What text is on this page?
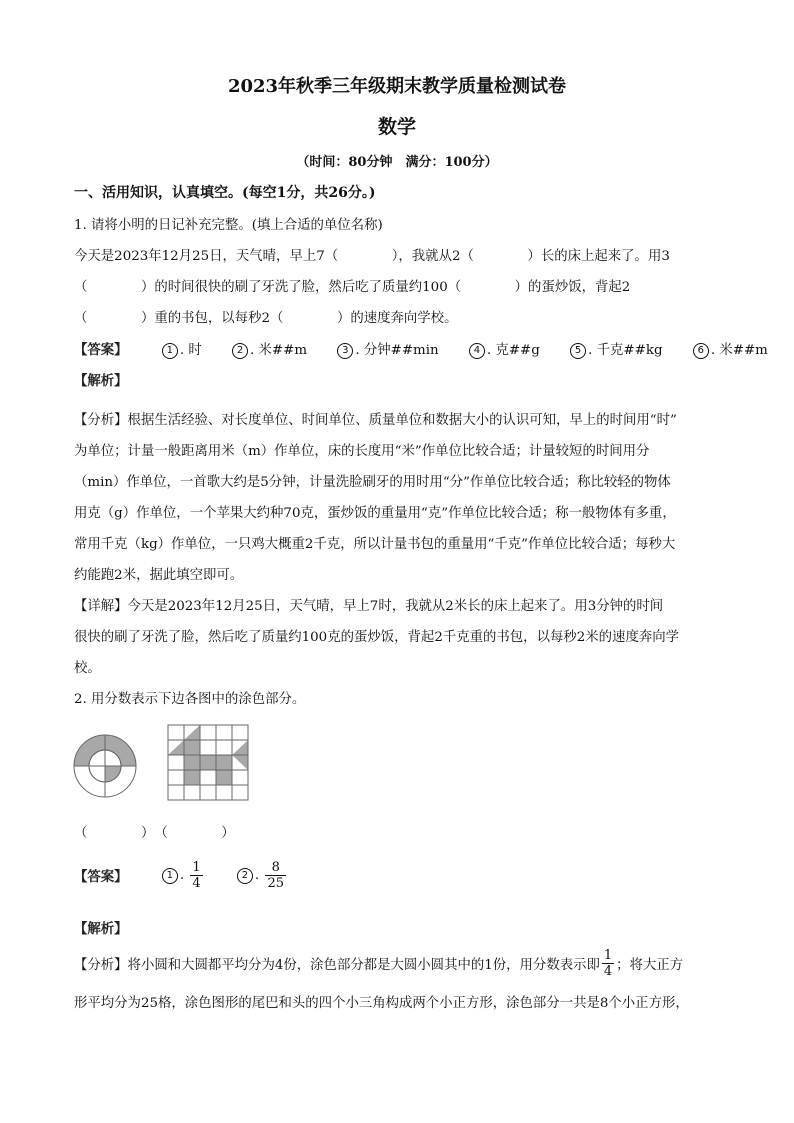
2023年秋季三年级期末教学质量检测试卷
数学
（时间：80分钟　满分：100分）
一、活用知识，认真填空。(每空1分，共26分。)
1. 请将小明的日记补充完整。(填上合适的单位名称)
今天是2023年12月25日，天气晴，早上7（　　　　），我就从2（　　　　）长的床上起来了。用3
（　　　　）的时间很快的刷了牙洗了脸，然后吃了质量约100（　　　　）的蛋炒饭，背起2
（　　　　）重的书包，以每秒2（　　　　）的速度奔向学校。
【答案】	1 . 时	2 . 米##m	3 . 分钟##min	4 . 克##g	5 . 千克##kg	6 . 米##m
【解析】
【分析】根据生活经验、对长度单位、时间单位、质量单位和数据大小的认识可知，早上的时间用“时”
为单位；计量一般距离用米（m）作单位，床的长度用“米”作单位比较合适；计量较短的时间用分
（min）作单位，一首歌大约是5分钟，计量洗脸刷牙的用时用“分”作单位比较合适；称比较轻的物体
用克（g）作单位，一个苹果大约种70克，蛋炒饭的重量用“克”作单位比较合适；称一般物体有多重，
常用千克（kg）作单位，一只鸡大概重2千克，所以计量书包的重量用“千克”作单位比较合适；每秒大
约能跑2米，据此填空即可。
【详解】今天是2023年12月25日，天气晴，早上7时，我就从2米长的床上起来了。用3分钟的时间
很快的刷了牙洗了脸，然后吃了质量约100克的蛋炒饭，背起2千克重的书包，以每秒2米的速度奔向学
校。
2. 用分数表示下边各图中的涂色部分。
（　　　　）　（　　　　）
【答案】	1 . $\frac{1}{4}$	2 . $\frac{8}{25}$
【解析】
【分析】将小圆和大圆都平均分为4份，涂色部分都是大圆小圆其中的1份，用分数表示即 $\frac{1}{4}$ ；将大正方
形平均分为25格，涂色图形的尾巴和头的四个小三角构成两个小正方形，涂色部分一共是8个小正方形，
